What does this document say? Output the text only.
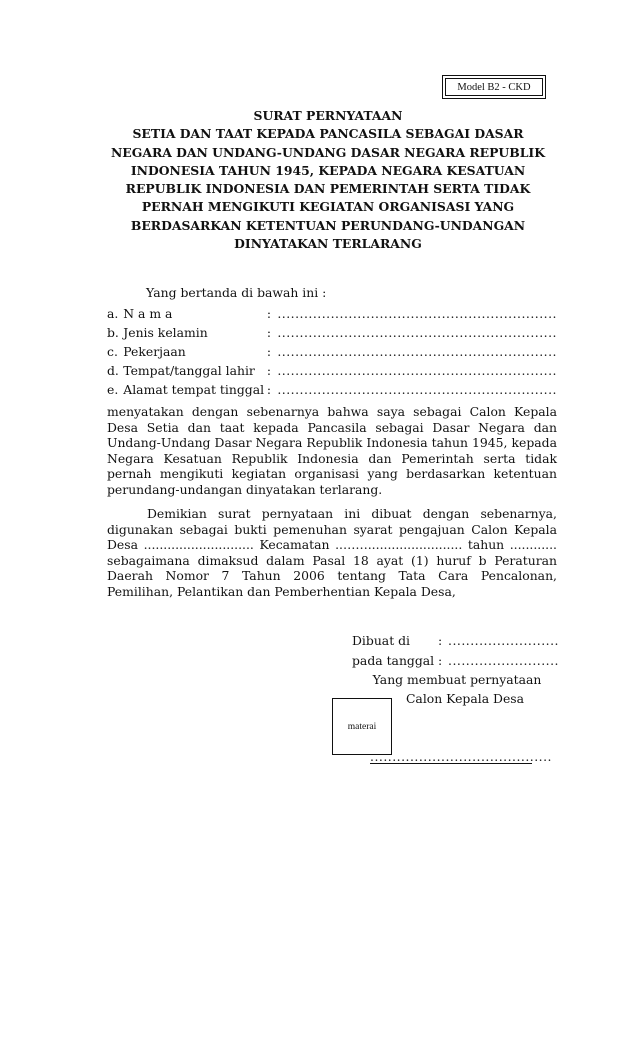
Model B2 - CKD
SURAT PERNYATAAN
SETIA DAN TAAT KEPADA PANCASILA SEBAGAI DASAR NEGARA DAN UNDANG-UNDANG DASAR NEGARA REPUBLIK INDONESIA TAHUN 1945, KEPADA NEGARA KESATUAN REPUBLIK INDONESIA DAN PEMERINTAH SERTA TIDAK PERNAH MENGIKUTI KEGIATAN ORGANISASI YANG BERDASARKAN KETENTUAN PERUNDANG-UNDANGAN DINYATAKAN TERLARANG
Yang bertanda di bawah ini :
a. N a m a	: ...............................................................
b. Jenis kelamin	: ...............................................................
c. Pekerjaan	: ...............................................................
d. Tempat/tanggal lahir : ...............................................................
e. Alamat tempat tinggal : ...............................................................
menyatakan dengan sebenarnya bahwa saya sebagai Calon Kepala Desa Setia dan taat kepada Pancasila sebagai Dasar Negara dan Undang-Undang Dasar Negara Republik Indonesia tahun 1945, kepada Negara Kesatuan Republik Indonesia dan Pemerintah serta tidak pernah mengikuti kegiatan organisasi yang berdasarkan ketentuan perundang-undangan dinyatakan terlarang.
Demikian surat pernyataan ini dibuat dengan sebenarnya, digunakan sebagai bukti pemenuhan syarat pengajuan Calon Kepala Desa ............................ Kecamatan ..……........................ tahun ............ sebagaimana dimaksud dalam Pasal 18 ayat (1) huruf b Peraturan Daerah Nomor 7 Tahun 2006 tentang Tata Cara Pencalonan, Pemilihan, Pelantikan dan Pemberhentian Kepala Desa,
Dibuat di	: .........................
pada tanggal : .........................
Yang membuat pernyataan
Calon Kepala Desa
materai
.........................................
